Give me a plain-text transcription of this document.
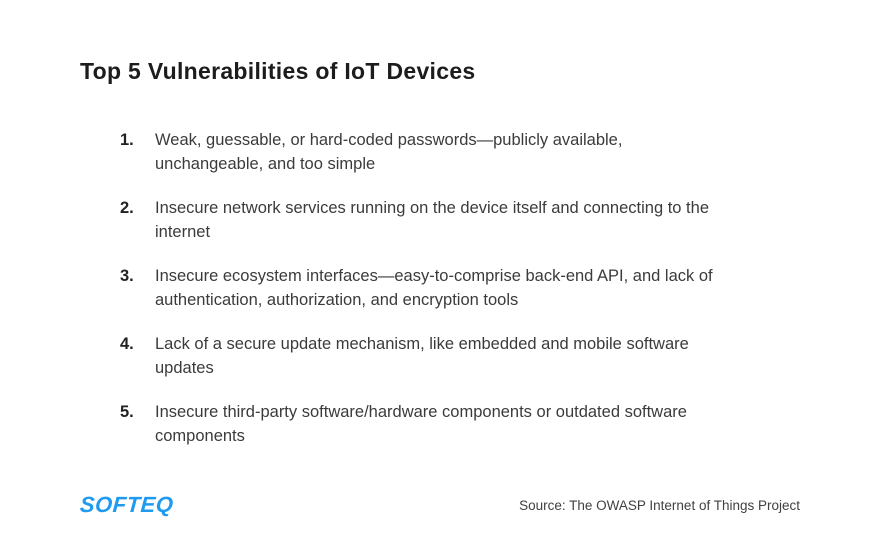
Top 5 Vulnerabilities of IoT Devices
1.	Weak, guessable, or hard-coded passwords—publicly available,
unchangeable, and too simple
2.	Insecure network services running on the device itself and connecting to the
internet
3.	Insecure ecosystem interfaces—easy-to-comprise back-end API, and lack of
authentication, authorization, and encryption tools
4.	Lack of a secure update mechanism, like embedded and mobile software
updates
5.	Insecure third-party software/hardware components or outdated software
components
SOFTEQ	Source: The OWASP Internet of Things Project
